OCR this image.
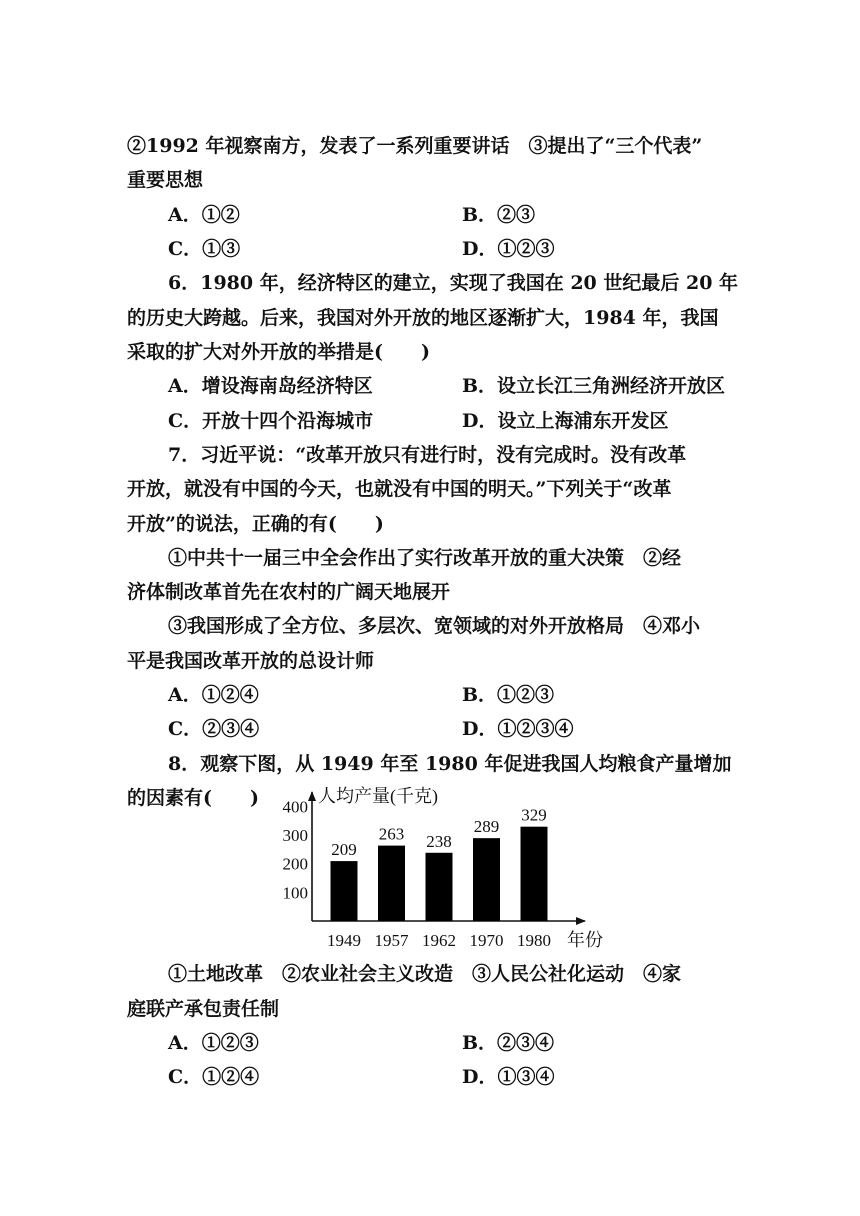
②1992 年视察南方，发表了一系列重要讲话　③提出了“三个代表”
重要思想
A．①②	B．②③
C．①③	D．①②③
6．1980 年，经济特区的建立，实现了我国在 20 世纪最后 20 年
的历史大跨越。后来，我国对外开放的地区逐渐扩大，1984 年，我国
采取的扩大对外开放的举措是(　　)
A．增设海南岛经济特区	B．设立长江三角洲经济开放区
C．开放十四个沿海城市	D．设立上海浦东开发区
7．习近平说：“改革开放只有进行时，没有完成时。没有改革
开放，就没有中国的今天，也就没有中国的明天。”下列关于“改革
开放”的说法，正确的有(　　)
①中共十一届三中全会作出了实行改革开放的重大决策　②经
济体制改革首先在农村的广阔天地展开
③我国形成了全方位、多层次、宽领域的对外开放格局　④邓小
平是我国改革开放的总设计师
A．①②④	B．①②③
C．②③④	D．①②③④
8．观察下图，从 1949 年至 1980 年促进我国人均粮食产量增加
的因素有(　　)	人均产量(千克)
年份
100
200
300
400
209
1949
263
1957
238
1962
289
1970
329
1980
①土地改革　②农业社会主义改造　③人民公社化运动　④家
庭联产承包责任制
A．①②③	B．②③④
C．①②④	D．①③④
